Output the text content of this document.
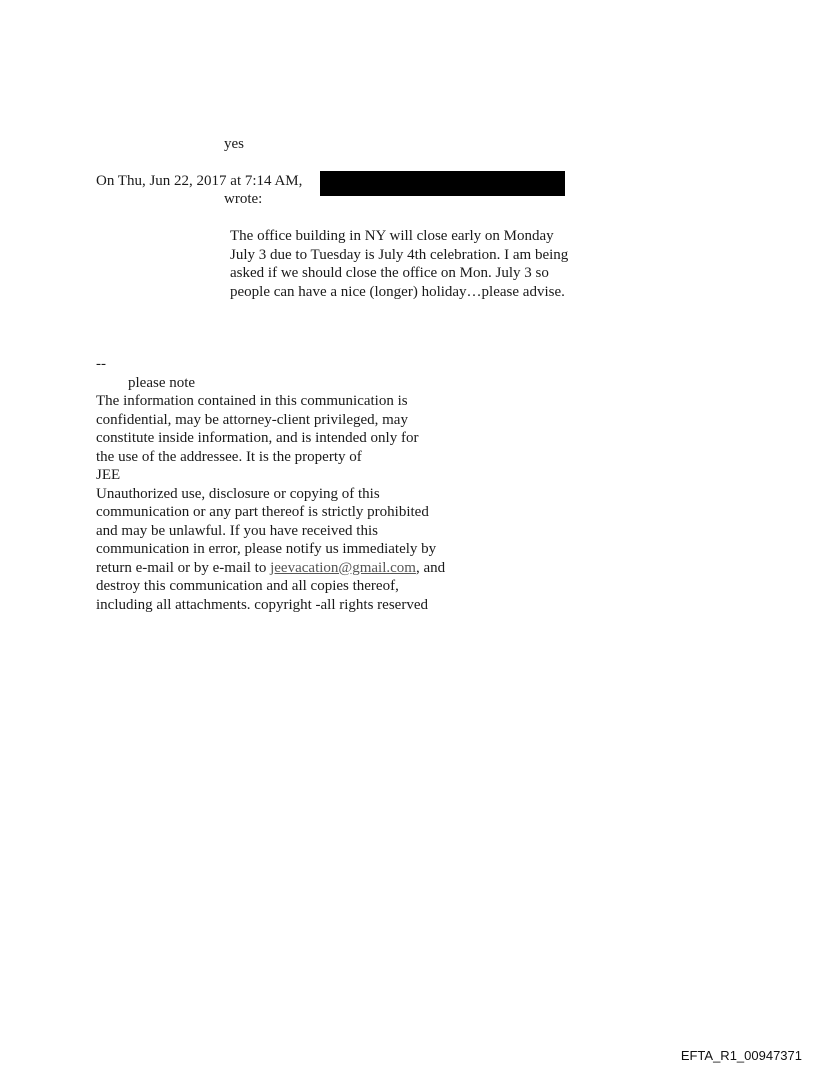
yes
On Thu, Jun 22, 2017 at 7:14 AM,
wrote:
The office building in NY will close early on Monday
July 3 due to Tuesday is July 4th celebration. I am being
asked if we should close the office on Mon. July 3 so
people can have a nice (longer) holiday…please advise.
--
please note
The information contained in this communication is
confidential, may be attorney-client privileged, may
constitute inside information, and is intended only for
the use of the addressee. It is the property of
JEE
Unauthorized use, disclosure or copying of this
communication or any part thereof is strictly prohibited
and may be unlawful. If you have received this
communication in error, please notify us immediately by
return e-mail or by e-mail to jeevacation@gmail.com, and
destroy this communication and all copies thereof,
including all attachments. copyright -all rights reserved
EFTA_R1_00947371
